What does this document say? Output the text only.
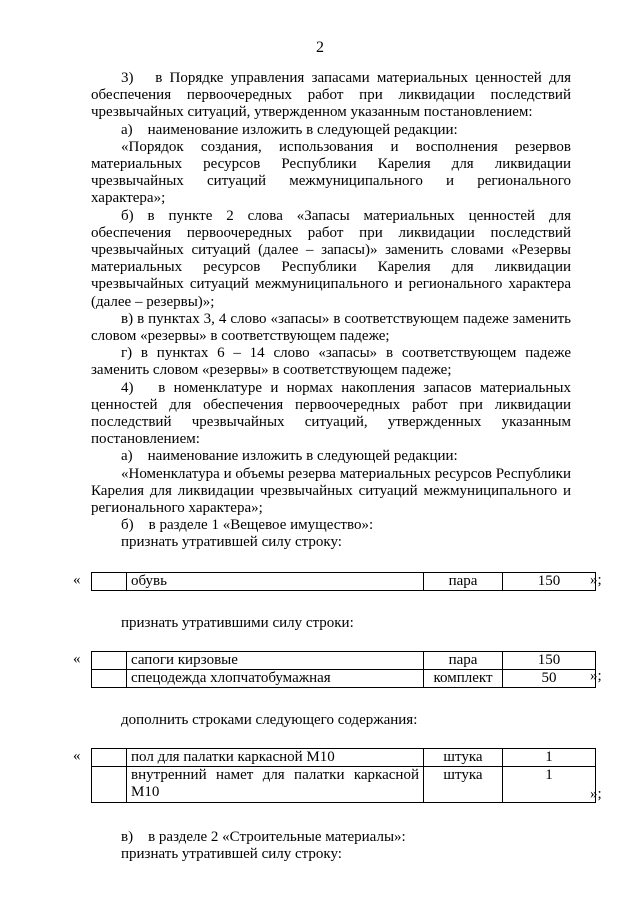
2

3)   в Порядке управления запасами материальных ценностей для обеспечения первоочередных работ при ликвидации последствий чрезвычайных ситуаций, утвержденном указанным постановлением:

а)    наименование изложить в следующей редакции:

«Порядок создания, использования и восполнения резервов материальных ресурсов Республики Карелия для ликвидации чрезвычайных ситуаций межмуниципального и регионального характера»;

б) в пункте 2 слова «Запасы материальных ценностей для обеспечения первоочередных работ при ликвидации последствий чрезвычайных ситуаций (далее – запасы)» заменить словами «Резервы материальных ресурсов Республики Карелия для ликвидации чрезвычайных ситуаций межмуниципального и регионального характера (далее – резервы)»;

в) в пунктах 3, 4 слово «запасы» в соответствующем падеже заменить словом «резервы» в соответствующем падеже;

г) в пунктах 6 – 14 слово «запасы» в соответствующем падеже заменить словом «резервы» в соответствующем падеже;

4)   в номенклатуре и нормах накопления запасов материальных ценностей для обеспечения первоочередных работ при ликвидации последствий чрезвычайных ситуаций, утвержденных указанным постановлением:

а)    наименование изложить в следующей редакции:

«Номенклатура и объемы резерва материальных ресурсов Республики Карелия для ликвидации чрезвычайных ситуаций межмуниципального и регионального характера»;

б)    в разделе 1 «Вещевое имущество»:

признать утратившей силу строку:

«
		обувь	пара	150 »;

признать утратившими силу строки:

«
		сапоги кирзовые	пара	150
	спецодежда хлопчатобумажная	комплект	50 »;

дополнить строками следующего содержания:

«
		пол для палатки каркасной М10	штука	1
	внутренний намет для палатки каркасной М10	штука	1
»;

в)    в разделе 2 «Строительные материалы»:

признать утратившей силу строку:
